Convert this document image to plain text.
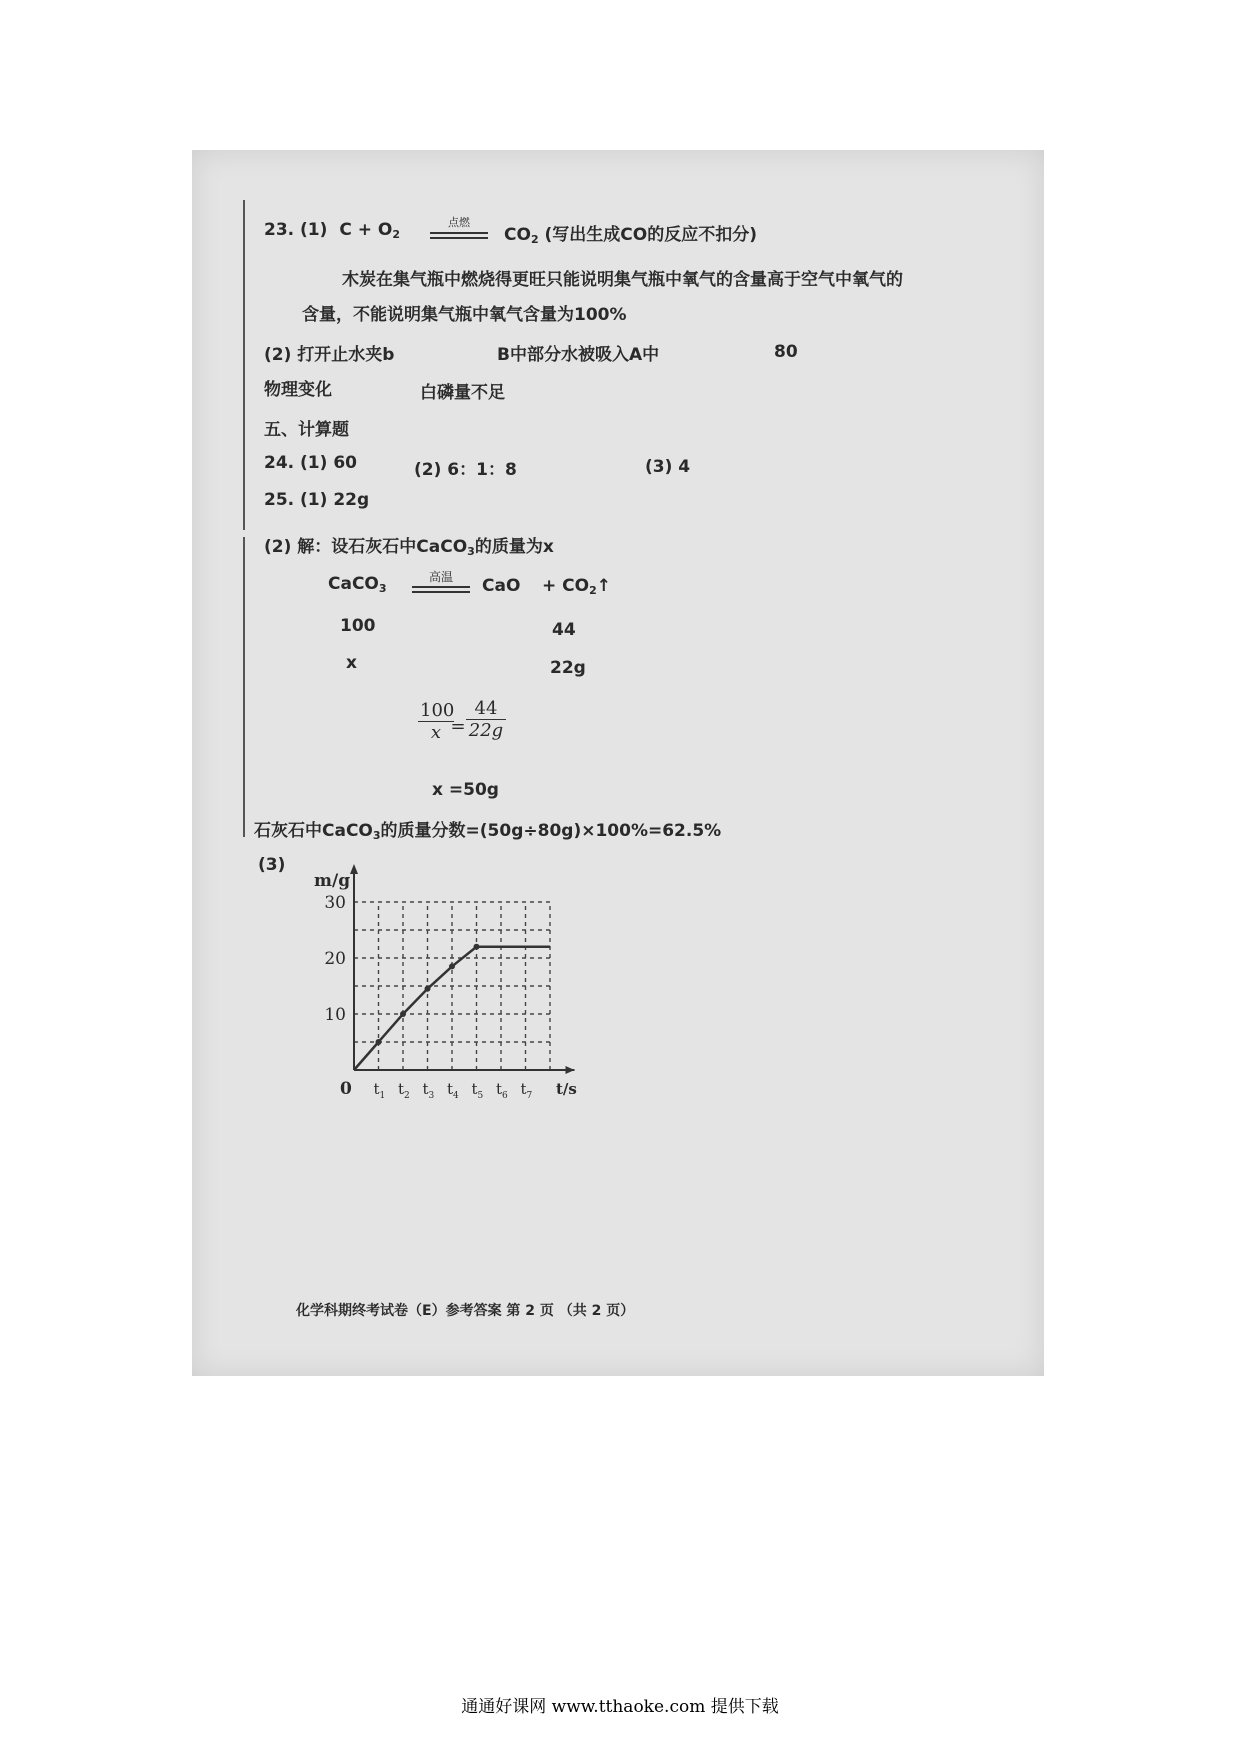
23. (1) $C + O_2$
点燃
$CO_2$ (写出生成CO的反应不扣分)
木炭在集气瓶中燃烧得更旺只能说明集气瓶中氧气的含量高于空气中氧气的
含量，不能说明集气瓶中氧气含量为100%
(2) 打开止水夹b	B中部分水被吸入A中	80
物理变化	白磷量不足
五、计算题
24. (1) 60	(2) 6：1：8	(3) 4
25. (1) 22g
(2) 解：设石灰石中CaCO$_3$的质量为x
CaCO$_3$
高温	CaO + $CO_2↑$
100	44
x	22g
$\frac{100}{x}$
= $\frac{44}{22g}$
x =50g
石灰石中CaCO$_3$的质量分数=(50g÷80g)×100%=62.5%
(3)
30
20
10
0 t 1 t 2 t 3 t 4 t 5 t 6 t 7
m/g
t/s
化学科期终考试卷（E）参考答案 第 2 页 （共 2 页）
通通好课网 www.tthaoke.com 提供下载
